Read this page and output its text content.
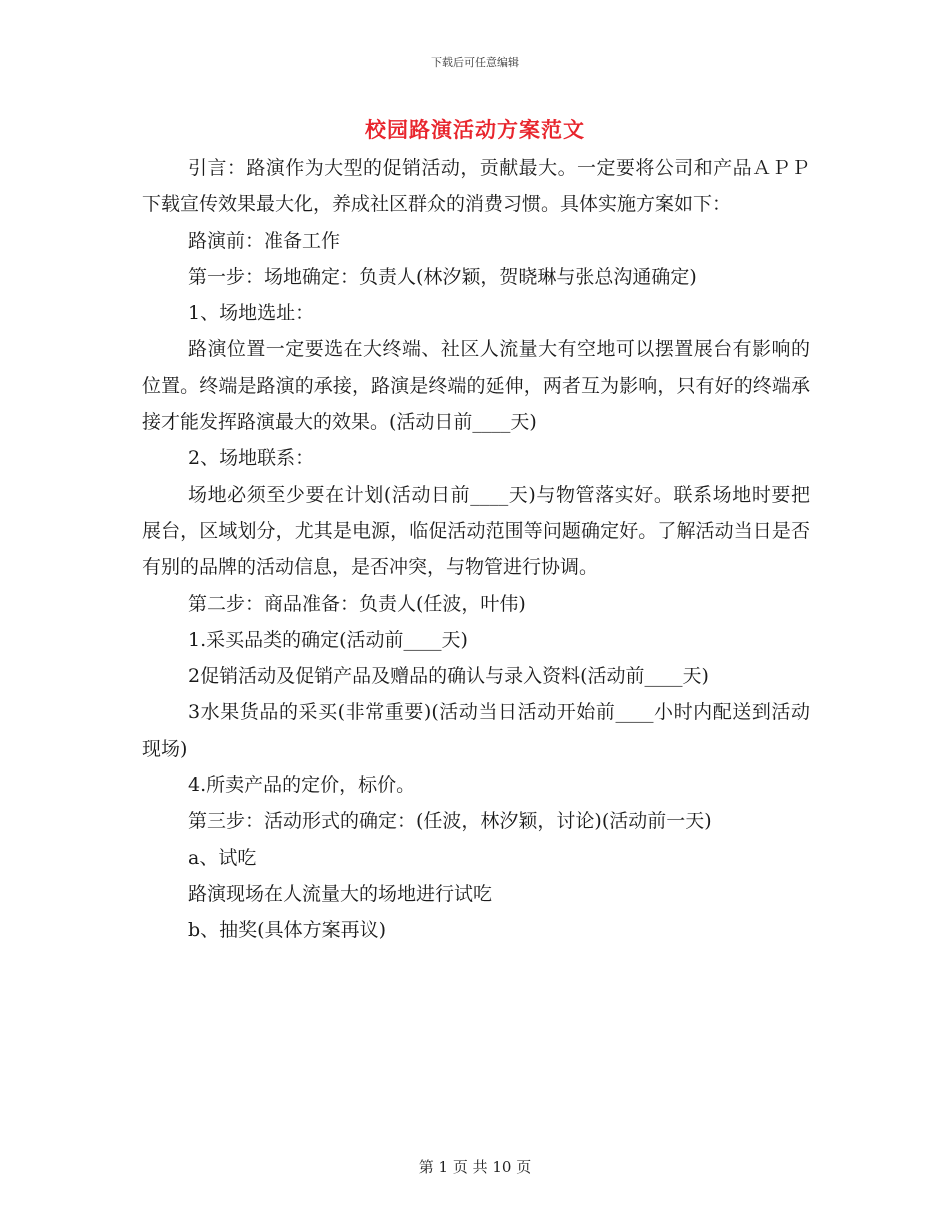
下载后可任意编辑
校园路演活动方案范文

引言：路演作为大型的促销活动，贡献最大。一定要将公司和产品ＡＰＰ下载宣传效果最大化，养成社区群众的消费习惯。具体实施方案如下：

路演前：准备工作

第一步：场地确定：负责人(林汐颖，贺晓琳与张总沟通确定)

1、场地选址：

路演位置一定要选在大终端、社区人流量大有空地可以摆置展台有影响的位置。终端是路演的承接，路演是终端的延伸，两者互为影响，只有好的终端承接才能发挥路演最大的效果。(活动日前____天)

2、场地联系：

场地必须至少要在计划(活动日前____天)与物管落实好。联系场地时要把展台，区域划分，尤其是电源，临促活动范围等问题确定好。了解活动当日是否有别的品牌的活动信息，是否冲突，与物管进行协调。

第二步：商品准备：负责人(任波，叶伟)

1.采买品类的确定(活动前____天)

2促销活动及促销产品及赠品的确认与录入资料(活动前____天)

3水果货品的采买(非常重要)(活动当日活动开始前____小时内配送到活动现场)

4.所卖产品的定价，标价。

第三步：活动形式的确定：(任波，林汐颖，讨论)(活动前一天)

a、试吃

路演现场在人流量大的场地进行试吃

b、抽奖(具体方案再议)

第 1 页 共 10 页
